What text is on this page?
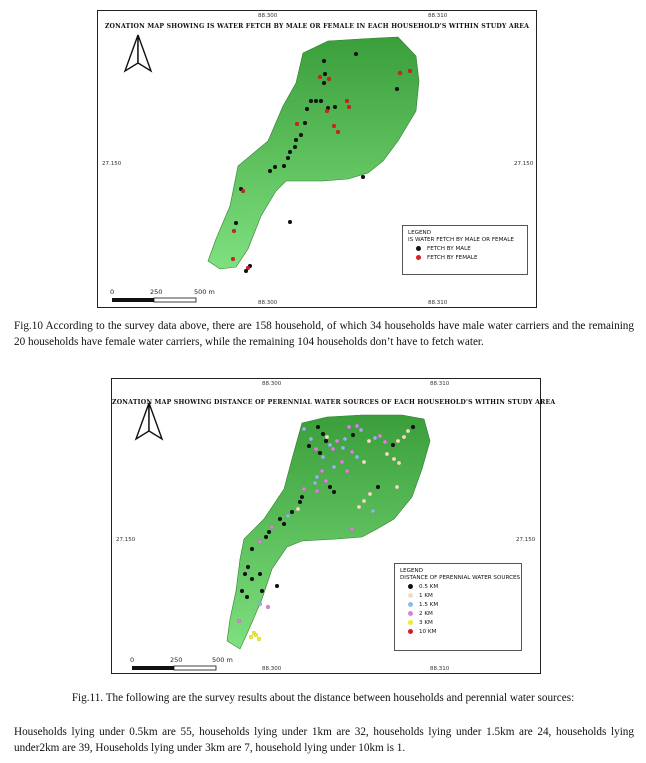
ZONATION MAP SHOWING IS WATER FETCH BY MALE OR FEMALE IN EACH HOUSEHOLD'S WITHIN STUDY AREA
88.300	88.310
88.300	88.310
27.150	27.150
0	250	500 m
LEGEND
IS WATER FETCH BY MALE OR FEMALE
FETCH BY MALE
FETCH BY FEMALE
Fig.10 According to the survey data above, there are 158 household, of which 34 households have male water carriers and the remaining 20 households have female water carriers, while the remaining 104 households don’t have to fetch water.
ZONATION MAP SHOWING DISTANCE OF PERENNIAL WATER SOURCES OF EACH HOUSEHOLD'S WITHIN STUDY AREA
88.300	88.310
88.300	88.310
27.150	27.150
0	250	500 m
LEGEND
DISTANCE OF PERENNIAL WATER SOURCES
0.5 KM
1 KM
1.5 KM
2 KM
3 KM
10 KM
Fig.11. The following are the survey results about the distance between households and perennial water sources:
Households lying under 0.5km are 55, households lying under 1km are 32, households lying under 1.5km are 24, households lying under2km are 39, Households lying under 3km are 7, household lying under 10km is 1.
